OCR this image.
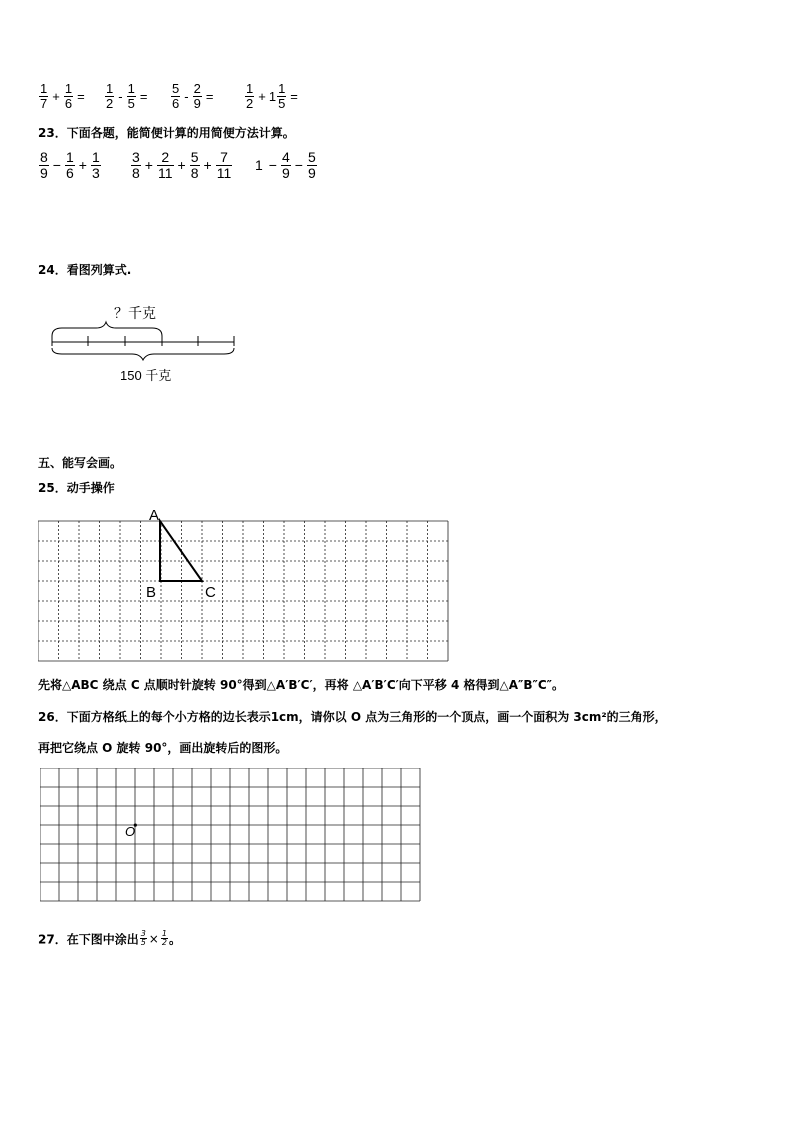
$\frac{1}{7} + \frac{1}{6} = \frac{1}{2} - \frac{1}{5} = \frac{5}{6} - \frac{2}{9} = \frac{1}{2} + 1 \frac{1}{5}$ =
23．下面各题，能简便计算的用简便方法计算。
$\frac{8}{9} - \frac{1}{6} + \frac{1}{3} \frac{3}{8} + \frac{2}{11} + \frac{5}{8} + \frac{7}{11} 1 - \frac{4}{9} - \frac{5}{9}$
24．看图列算式.
？千克
150 千克
五、能写会画。
25．动手操作
A
B	C
先将△ABC 绕点 C 点顺时针旋转 90°得到△A′B′C′，再将 △A′B′C′向下平移 4 格得到△A″B″C″。
26．下面方格纸上的每个小方格的边长表示1cm，请你以 O 点为三角形的一个顶点，画一个面积为 3cm²的三角形，
再把它绕点 O 旋转 90°，画出旋转后的图形。
O
27．在下图中涂出 $\frac{3}{5} \times \frac{1}{2}$ 。
